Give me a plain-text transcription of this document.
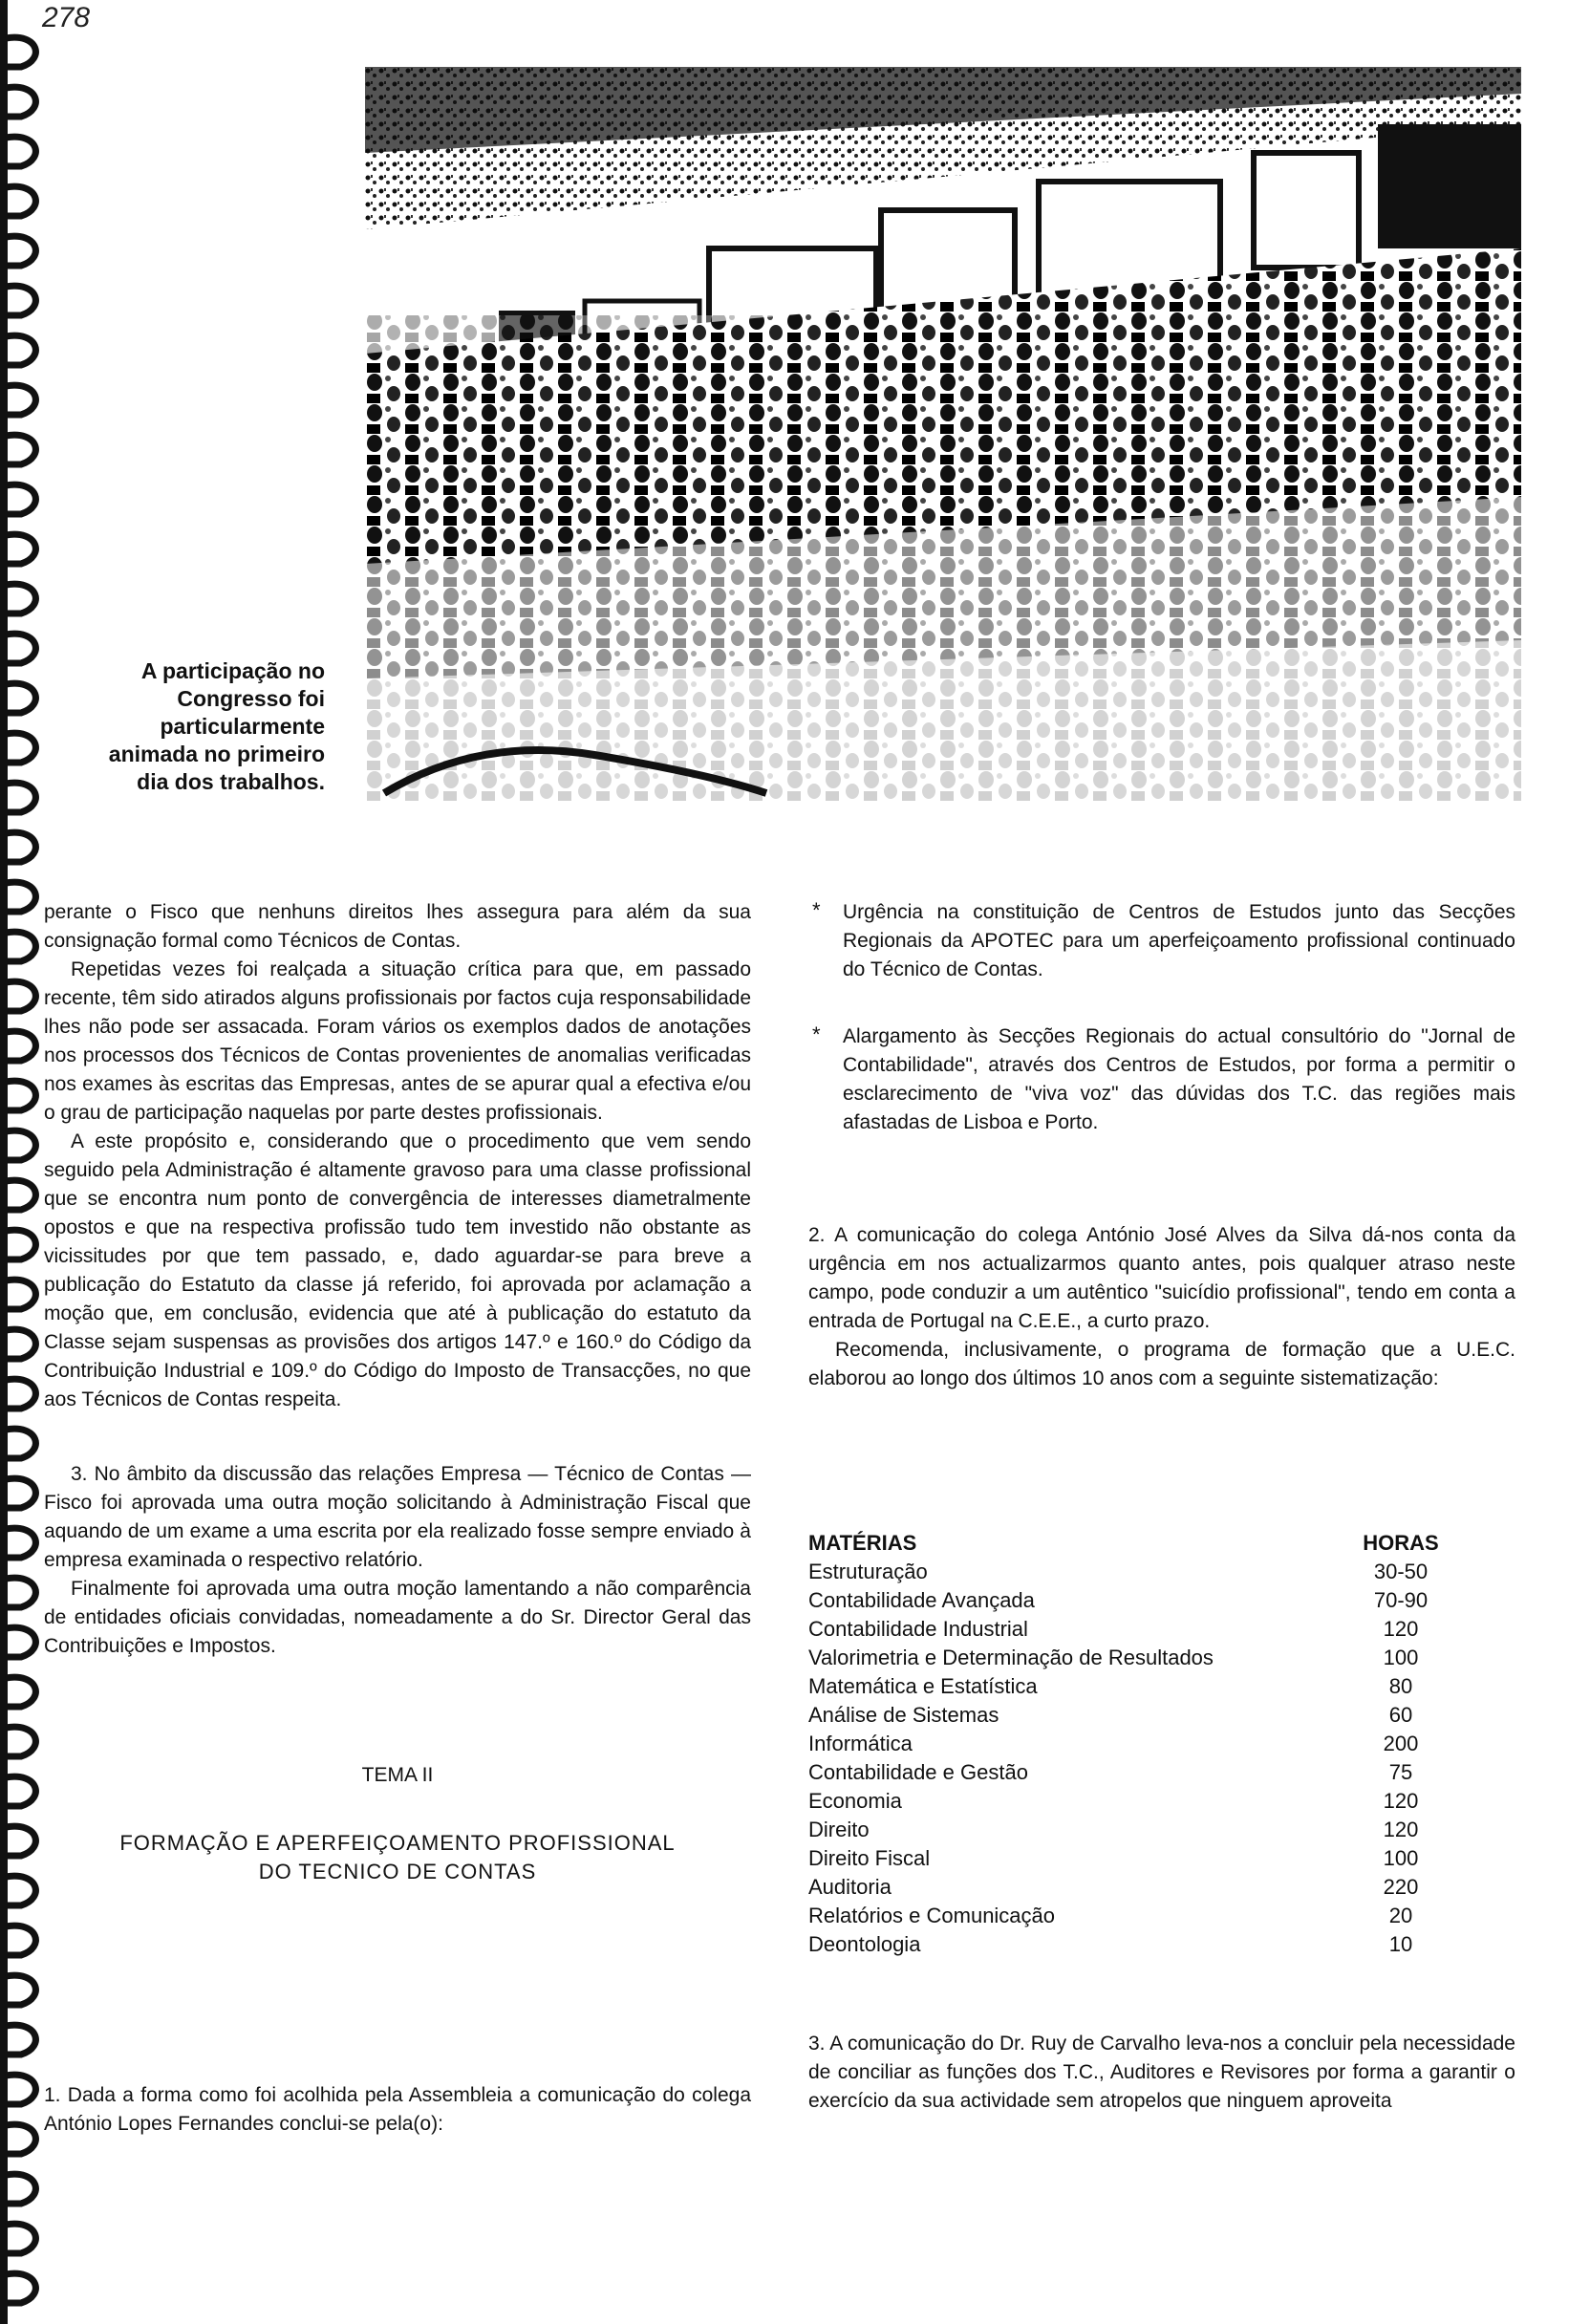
278
A participação no Congresso foi particularmente animada no primeiro dia dos trabalhos.

perante o Fisco que nenhuns direitos lhes assegura para além da sua consignação formal como Técnicos de Contas.

Repetidas vezes foi realçada a situação crítica para que, em passado recente, têm sido atirados alguns profissionais por factos cuja responsabilidade lhes não pode ser assacada. Foram vários os exemplos dados de anotações nos processos dos Técnicos de Contas provenientes de anomalias verificadas nos exames às escritas das Empresas, antes de se apurar qual a efectiva e/ou o grau de participação naquelas por parte destes profissionais.

A este propósito e, considerando que o procedimento que vem sendo seguido pela Administração é altamente gravoso para uma classe profissional que se encontra num ponto de convergência de interesses diametralmente opostos e que na respectiva profissão tudo tem investido não obstante as vicissitudes por que tem passado, e, dado aguardar-se para breve a publicação do Estatuto da classe já referido, foi aprovada por aclamação a moção que, em conclusão, evidencia que até à publicação do estatuto da Classe sejam suspensas as provisões dos artigos 147.º e 160.º do Código da Contribuição Industrial e 109.º do Código do Imposto de Transacções, no que aos Técnicos de Contas respeita.

3. No âmbito da discussão das relações Empresa — Técnico de Contas — Fisco foi aprovada uma outra moção solicitando à Administração Fiscal que aquando de um exame a uma escrita por ela realizado fosse sempre enviado à empresa examinada o respectivo relatório.

Finalmente foi aprovada uma outra moção lamentando a não comparência de entidades oficiais convidadas, nomeadamente a do Sr. Director Geral das Contribuições e Impostos.

TEMA II
FORMAÇÃO E APERFEIÇOAMENTO PROFISSIONAL
DO TECNICO DE CONTAS

1. Dada a forma como foi acolhida pela Assembleia a comunicação do colega António Lopes Fernandes conclui-se pela(o):

* Urgência na constituição de Centros de Estudos junto das Secções Regionais da APOTEC para um aperfeiçoamento profissional continuado do Técnico de Contas.

* Alargamento às Secções Regionais do actual consultório do "Jornal de Contabilidade", através dos Centros de Estudos, por forma a permitir o esclarecimento de "viva voz" das dúvidas dos T.C. das regiões mais afastadas de Lisboa e Porto.

2. A comunicação do colega António José Alves da Silva dá-nos conta da urgência em nos actualizarmos quanto antes, pois qualquer atraso neste campo, pode conduzir a um autêntico "suicídio profissional", tendo em conta a entrada de Portugal na C.E.E., a curto prazo.

Recomenda, inclusivamente, o programa de formação que a U.E.C. elaborou ao longo dos últimos 10 anos com a seguinte sistematização:

MATÉRIAS	HORAS
Estruturação	30-50
Contabilidade Avançada	70-90
Contabilidade Industrial	120
Valorimetria e Determinação de Resultados	100
Matemática e Estatística	80
Análise de Sistemas	60
Informática	200
Contabilidade e Gestão	75
Economia	120
Direito	120
Direito Fiscal	100
Auditoria	220
Relatórios e Comunicação	20
Deontologia	10

3. A comunicação do Dr. Ruy de Carvalho leva-nos a concluir pela necessidade de conciliar as funções dos T.C., Auditores e Revisores por forma a garantir o exercício da sua actividade sem atropelos que ninguem aproveita
